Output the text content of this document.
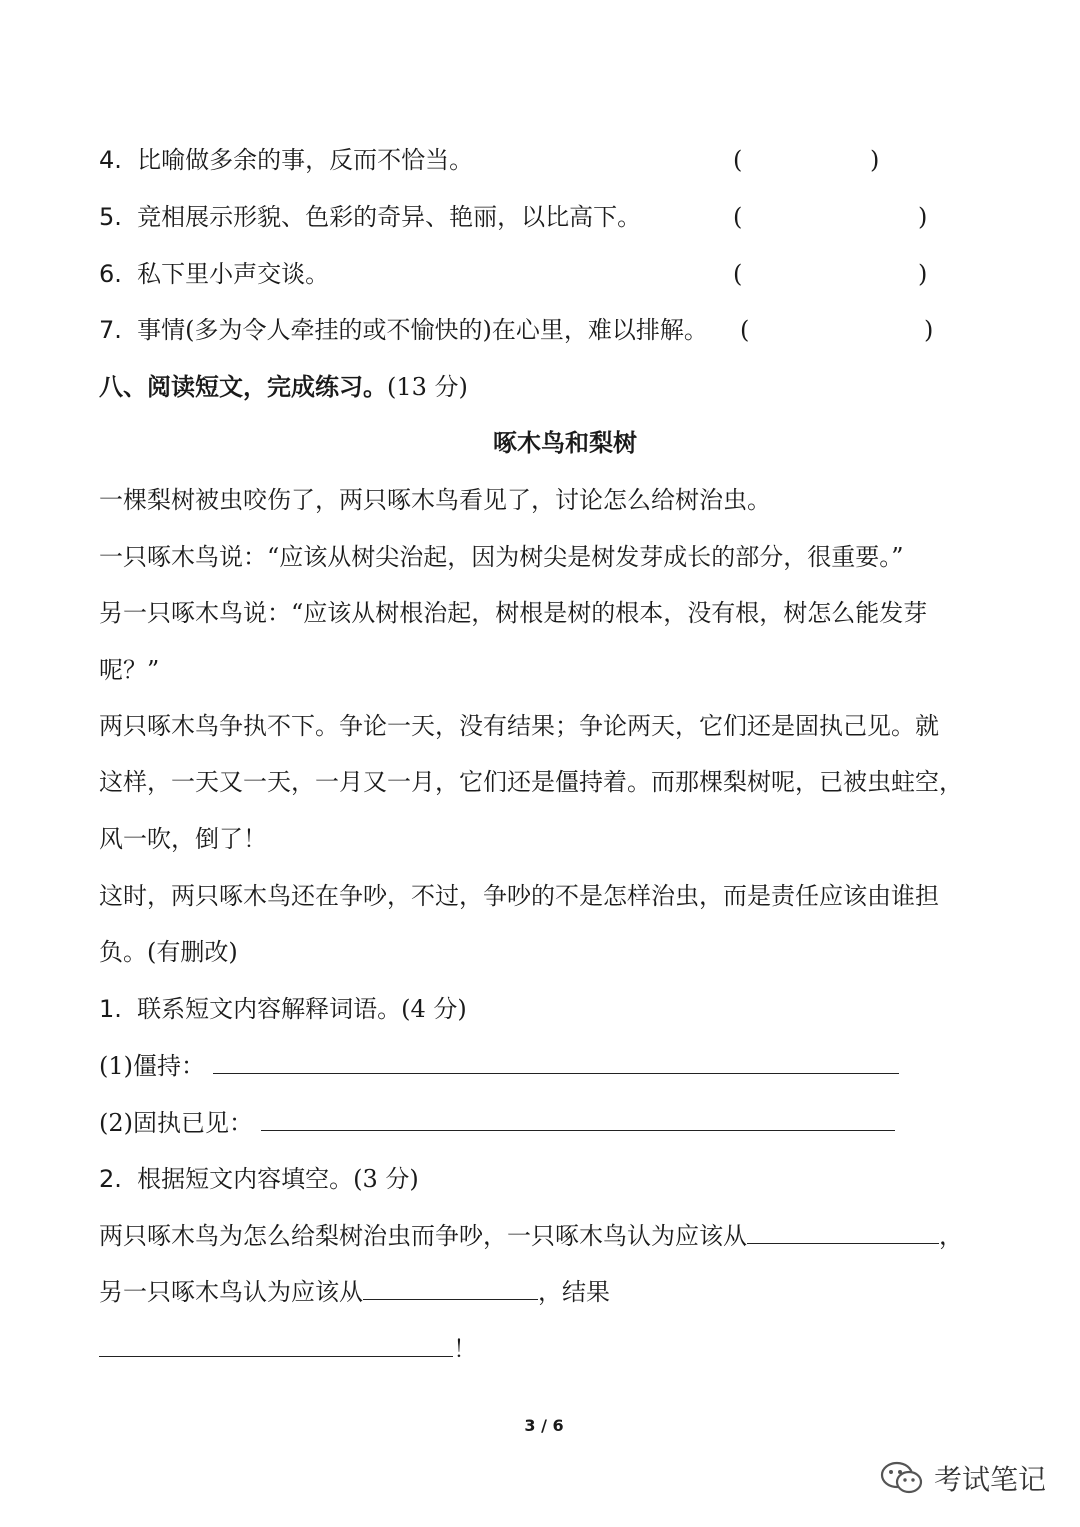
4. 比喻做多余的事，反而不恰当。	(	)
5. 竞相展示形貌、色彩的奇异、艳丽，以比高下。	(	)
6. 私下里小声交谈。	(	)
7. 事情(多为令人牵挂的或不愉快的)在心里，难以排解。 (	)
八、阅读短文，完成练习。(13 分)
啄木鸟和梨树
一棵梨树被虫咬伤了，两只啄木鸟看见了，讨论怎么给树治虫。
一只啄木鸟说：“应该从树尖治起，因为树尖是树发芽成长的部分，很重要。”
另一只啄木鸟说：“应该从树根治起，树根是树的根本，没有根，树怎么能发芽
呢？”
两只啄木鸟争执不下。争论一天，没有结果；争论两天，它们还是固执己见。就
这样，一天又一天，一月又一月，它们还是僵持着。而那棵梨树呢，已被虫蛀空，
风一吹，倒了！
这时，两只啄木鸟还在争吵，不过，争吵的不是怎样治虫，而是责任应该由谁担
负。(有删改)
1. 联系短文内容解释词语。(4 分)
(1)僵持：
(2)固执已见：
2. 根据短文内容填空。(3 分)
两只啄木鸟为怎么给梨树治虫而争吵，一只啄木鸟认为应该从	，
另一只啄木鸟认为应该从	，结果
！
3 / 6
考试笔记
